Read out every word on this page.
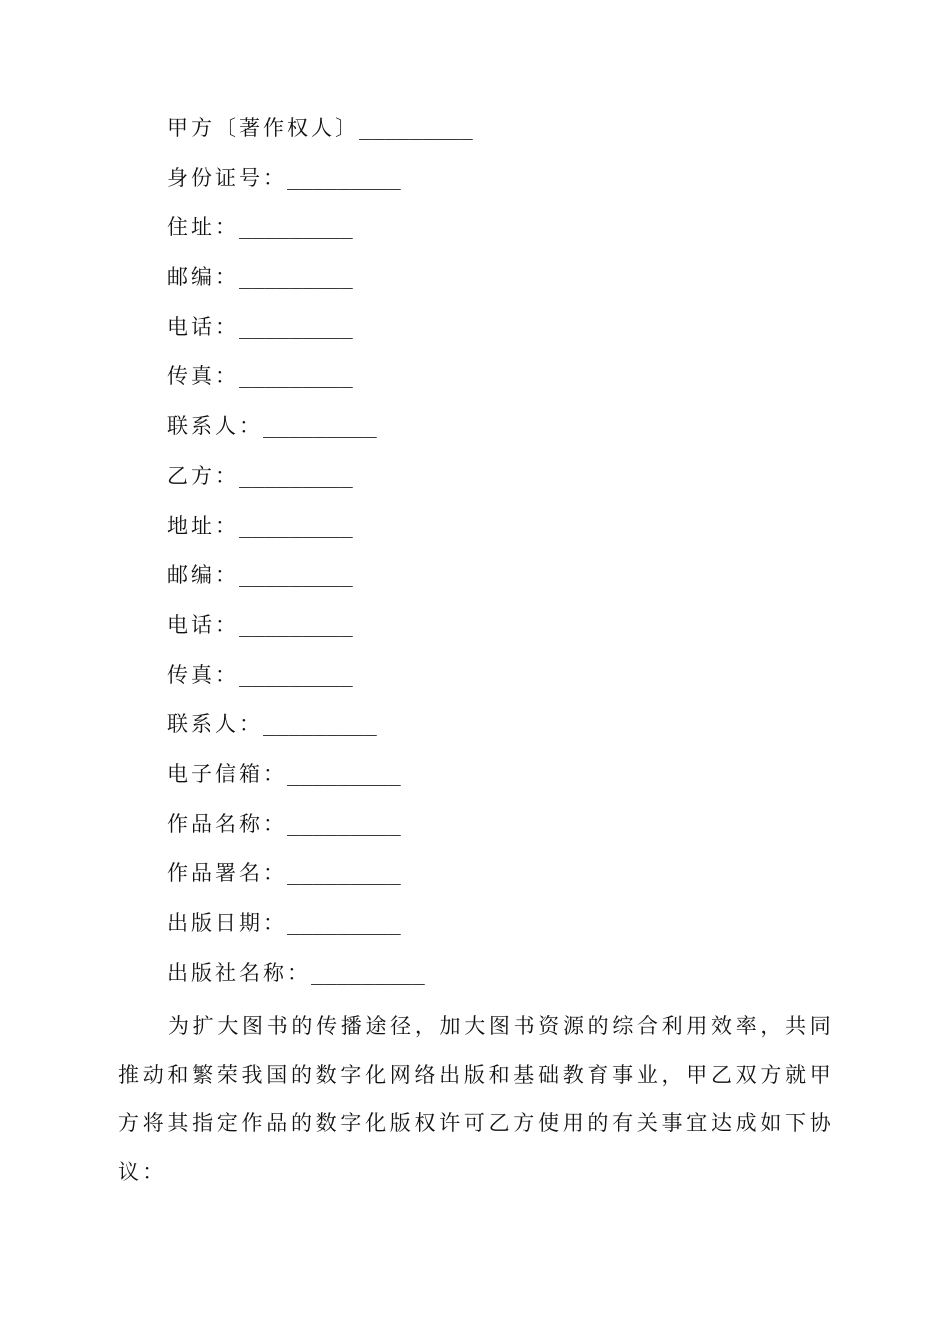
甲方〔著作权人〕 _________
身份证号： _________
住址： _________
邮编： _________
电话： _________
传真： _________
联系人： _________
乙方： _________
地址： _________
邮编： _________
电话： _________
传真： _________
联系人： _________
电子信箱： _________
作品名称： _________
作品署名： _________
出版日期： _________
出版社名称： _________

为扩大图书的传播途径，加大图书资源的综合利用效率，共同推动和繁荣我国的数字化网络出版和基础教育事业，甲乙双方就甲方将其指定作品的数字化版权许可乙方使用的有关事宜达成如下协议：
